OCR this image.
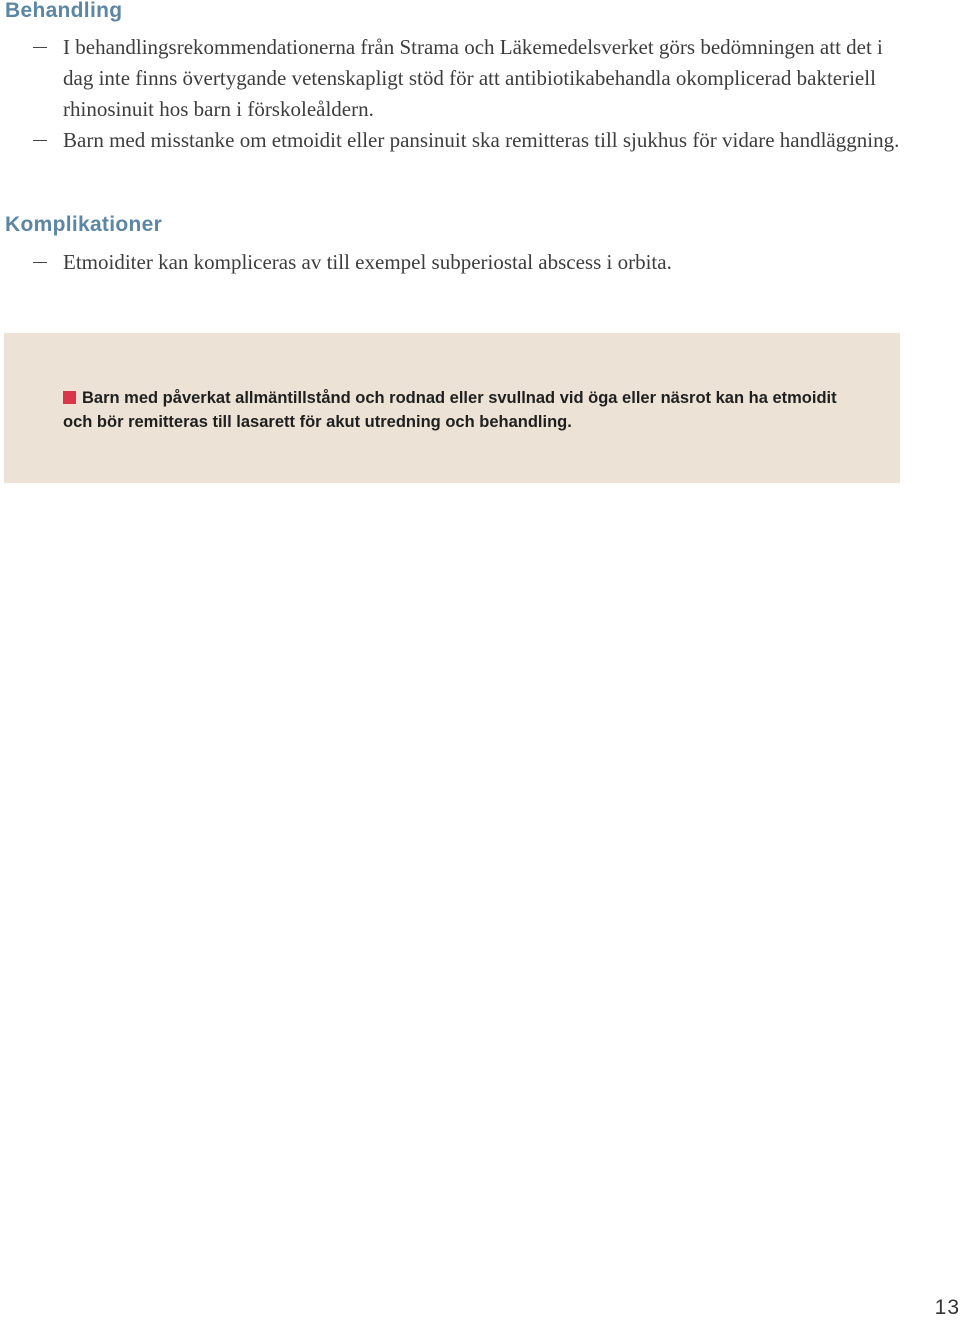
Behandling
I behandlingsrekommendationerna från Strama och Läkemedelsverket görs bedömningen att det i dag inte finns övertygande vetenskapligt stöd för att antibiotikabehandla okomplicerad bakteriell rhinosinuit hos barn i förskoleåldern.
Barn med misstanke om etmoidit eller pansinuit ska remitteras till sjukhus för vidare handläggning.
Komplikationer
Etmoiditer kan kompliceras av till exempel subperiostal abscess i orbita.

Barn med påverkat allmäntillstånd och rodnad eller svullnad vid öga eller näsrot kan ha etmoidit och bör remitteras till lasarett för akut utredning och behandling.

13
